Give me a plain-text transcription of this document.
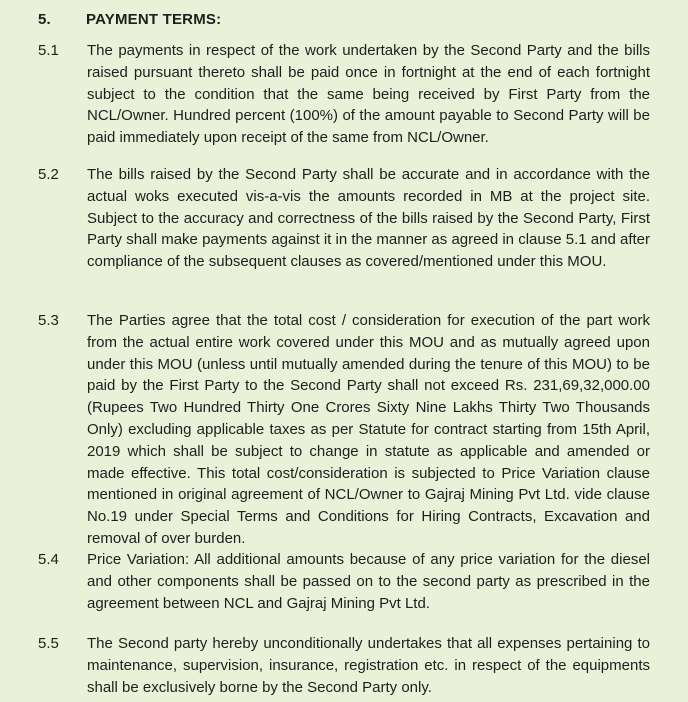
5. PAYMENT TERMS:
5.1 The payments in respect of the work undertaken by the Second Party and the bills raised pursuant thereto shall be paid once in fortnight at the end of each fortnight subject to the condition that the same being received by First Party from the NCL/Owner. Hundred percent (100%) of the amount payable to Second Party will be paid immediately upon receipt of the same from NCL/Owner.
5.2 The bills raised by the Second Party shall be accurate and in accordance with the actual woks executed vis-a-vis the amounts recorded in MB at the project site. Subject to the accuracy and correctness of the bills raised by the Second Party, First Party shall make payments against it in the manner as agreed in clause 5.1 and after compliance of the subsequent clauses as covered/mentioned under this MOU.
5.3 The Parties agree that the total cost / consideration for execution of the part work from the actual entire work covered under this MOU and as mutually agreed upon under this MOU (unless until mutually amended during the tenure of this MOU) to be paid by the First Party to the Second Party shall not exceed Rs. 231,69,32,000.00 (Rupees Two Hundred Thirty One Crores Sixty Nine Lakhs Thirty Two Thousands Only) excluding applicable taxes as per Statute for contract starting from 15th April, 2019 which shall be subject to change in statute as applicable and amended or made effective. This total cost/consideration is subjected to Price Variation clause mentioned in original agreement of NCL/Owner to Gajraj Mining Pvt Ltd. vide clause No.19 under Special Terms and Conditions for Hiring Contracts, Excavation and removal of over burden.
5.4 Price Variation: All additional amounts because of any price variation for the diesel and other components shall be passed on to the second party as prescribed in the agreement between NCL and Gajraj Mining Pvt Ltd.
5.5 The Second party hereby unconditionally undertakes that all expenses pertaining to maintenance, supervision, insurance, registration etc. in respect of the equipments shall be exclusively borne by the Second Party only.
